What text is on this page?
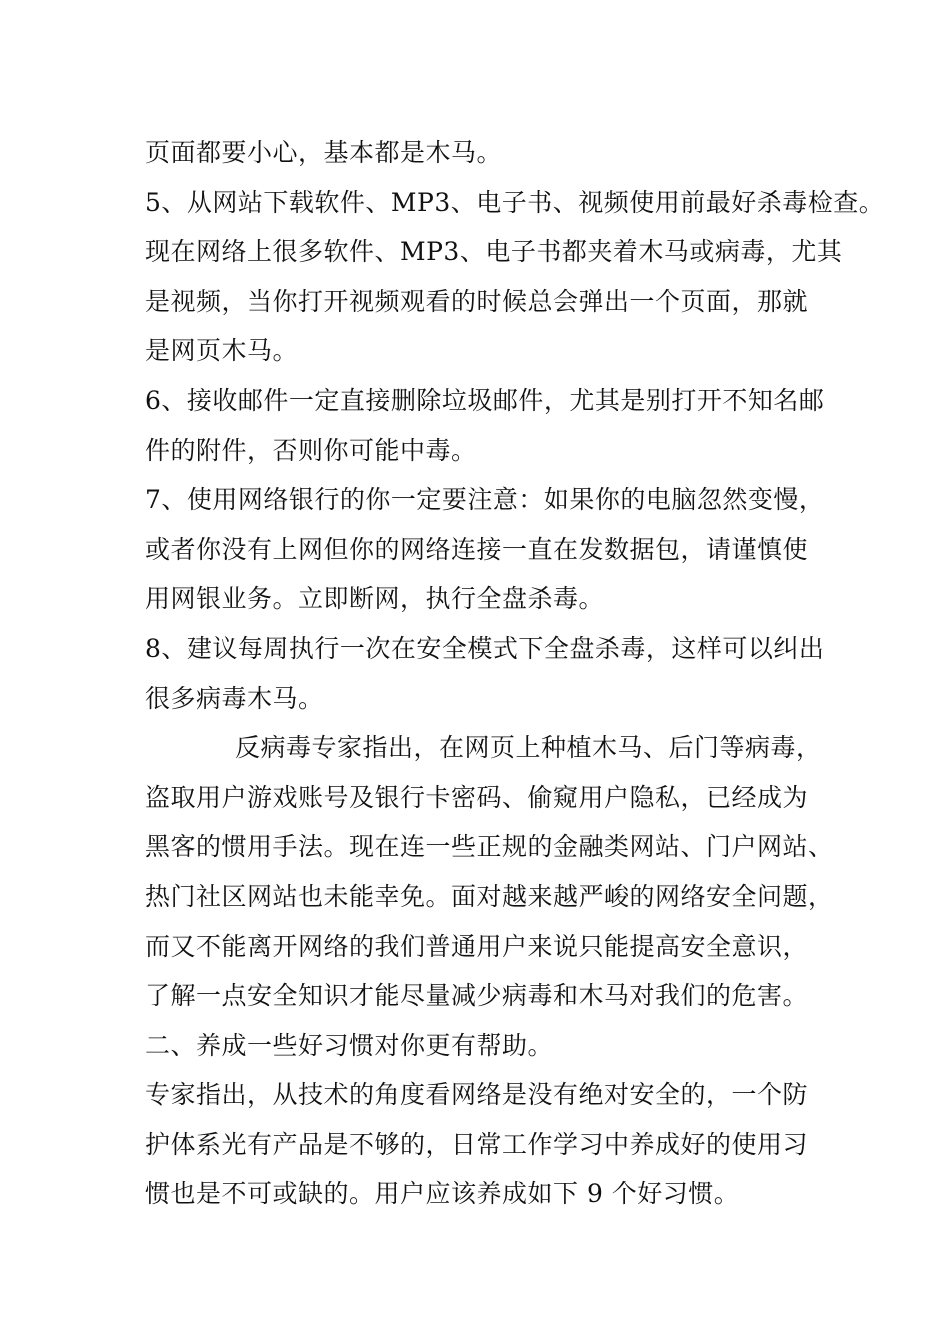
页面都要小心，基本都是木马。
5、从网站下载软件、MP3、电子书、视频使用前最好杀毒检查。
现在网络上很多软件、MP3、电子书都夹着木马或病毒，尤其
是视频，当你打开视频观看的时候总会弹出一个页面，那就
是网页木马。
6、接收邮件一定直接删除垃圾邮件，尤其是别打开不知名邮
件的附件，否则你可能中毒。
7、使用网络银行的你一定要注意：如果你的电脑忽然变慢，
或者你没有上网但你的网络连接一直在发数据包，请谨慎使
用网银业务。立即断网，执行全盘杀毒。
8、建议每周执行一次在安全模式下全盘杀毒，这样可以纠出
很多病毒木马。
反病毒专家指出，在网页上种植木马、后门等病毒，
盗取用户游戏账号及银行卡密码、偷窥用户隐私，已经成为
黑客的惯用手法。现在连一些正规的金融类网站、门户网站、
热门社区网站也未能幸免。面对越来越严峻的网络安全问题，
而又不能离开网络的我们普通用户来说只能提高安全意识，
了解一点安全知识才能尽量减少病毒和木马对我们的危害。
二、养成一些好习惯对你更有帮助。
专家指出，从技术的角度看网络是没有绝对安全的，一个防
护体系光有产品是不够的，日常工作学习中养成好的使用习
惯也是不可或缺的。用户应该养成如下 9 个好习惯。
